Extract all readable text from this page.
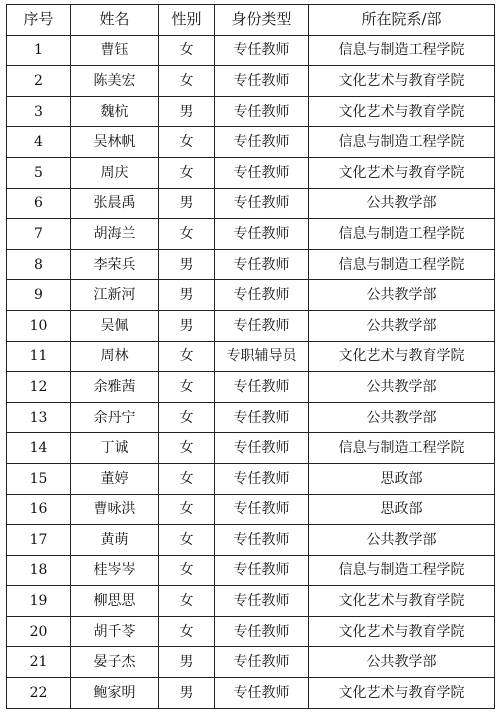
序号	姓名	性别	身份类型	所在院系/部
1	曹钰	女	专任教师	信息与制造工程学院
2	陈美宏	女	专任教师	文化艺术与教育学院
3	魏杭	男	专任教师	文化艺术与教育学院
4	吴林帆	女	专任教师	信息与制造工程学院
5	周庆	女	专任教师	文化艺术与教育学院
6	张晨禹	男	专任教师	公共教学部
7	胡海兰	女	专任教师	信息与制造工程学院
8	李荣兵	男	专任教师	信息与制造工程学院
9	江新河	男	专任教师	公共教学部
10	吴佩	男	专任教师	公共教学部
11	周林	女	专职辅导员	文化艺术与教育学院
12	余雅茜	女	专任教师	公共教学部
13	余丹宁	女	专任教师	公共教学部
14	丁诚	女	专任教师	信息与制造工程学院
15	董婷	女	专任教师	思政部
16	曹咏洪	女	专任教师	思政部
17	黄萌	女	专任教师	公共教学部
18	桂岑岑	女	专任教师	信息与制造工程学院
19	柳思思	女	专任教师	文化艺术与教育学院
20	胡千苓	女	专任教师	文化艺术与教育学院
21	晏子杰	男	专任教师	公共教学部
22	鲍家明	男	专任教师	文化艺术与教育学院
